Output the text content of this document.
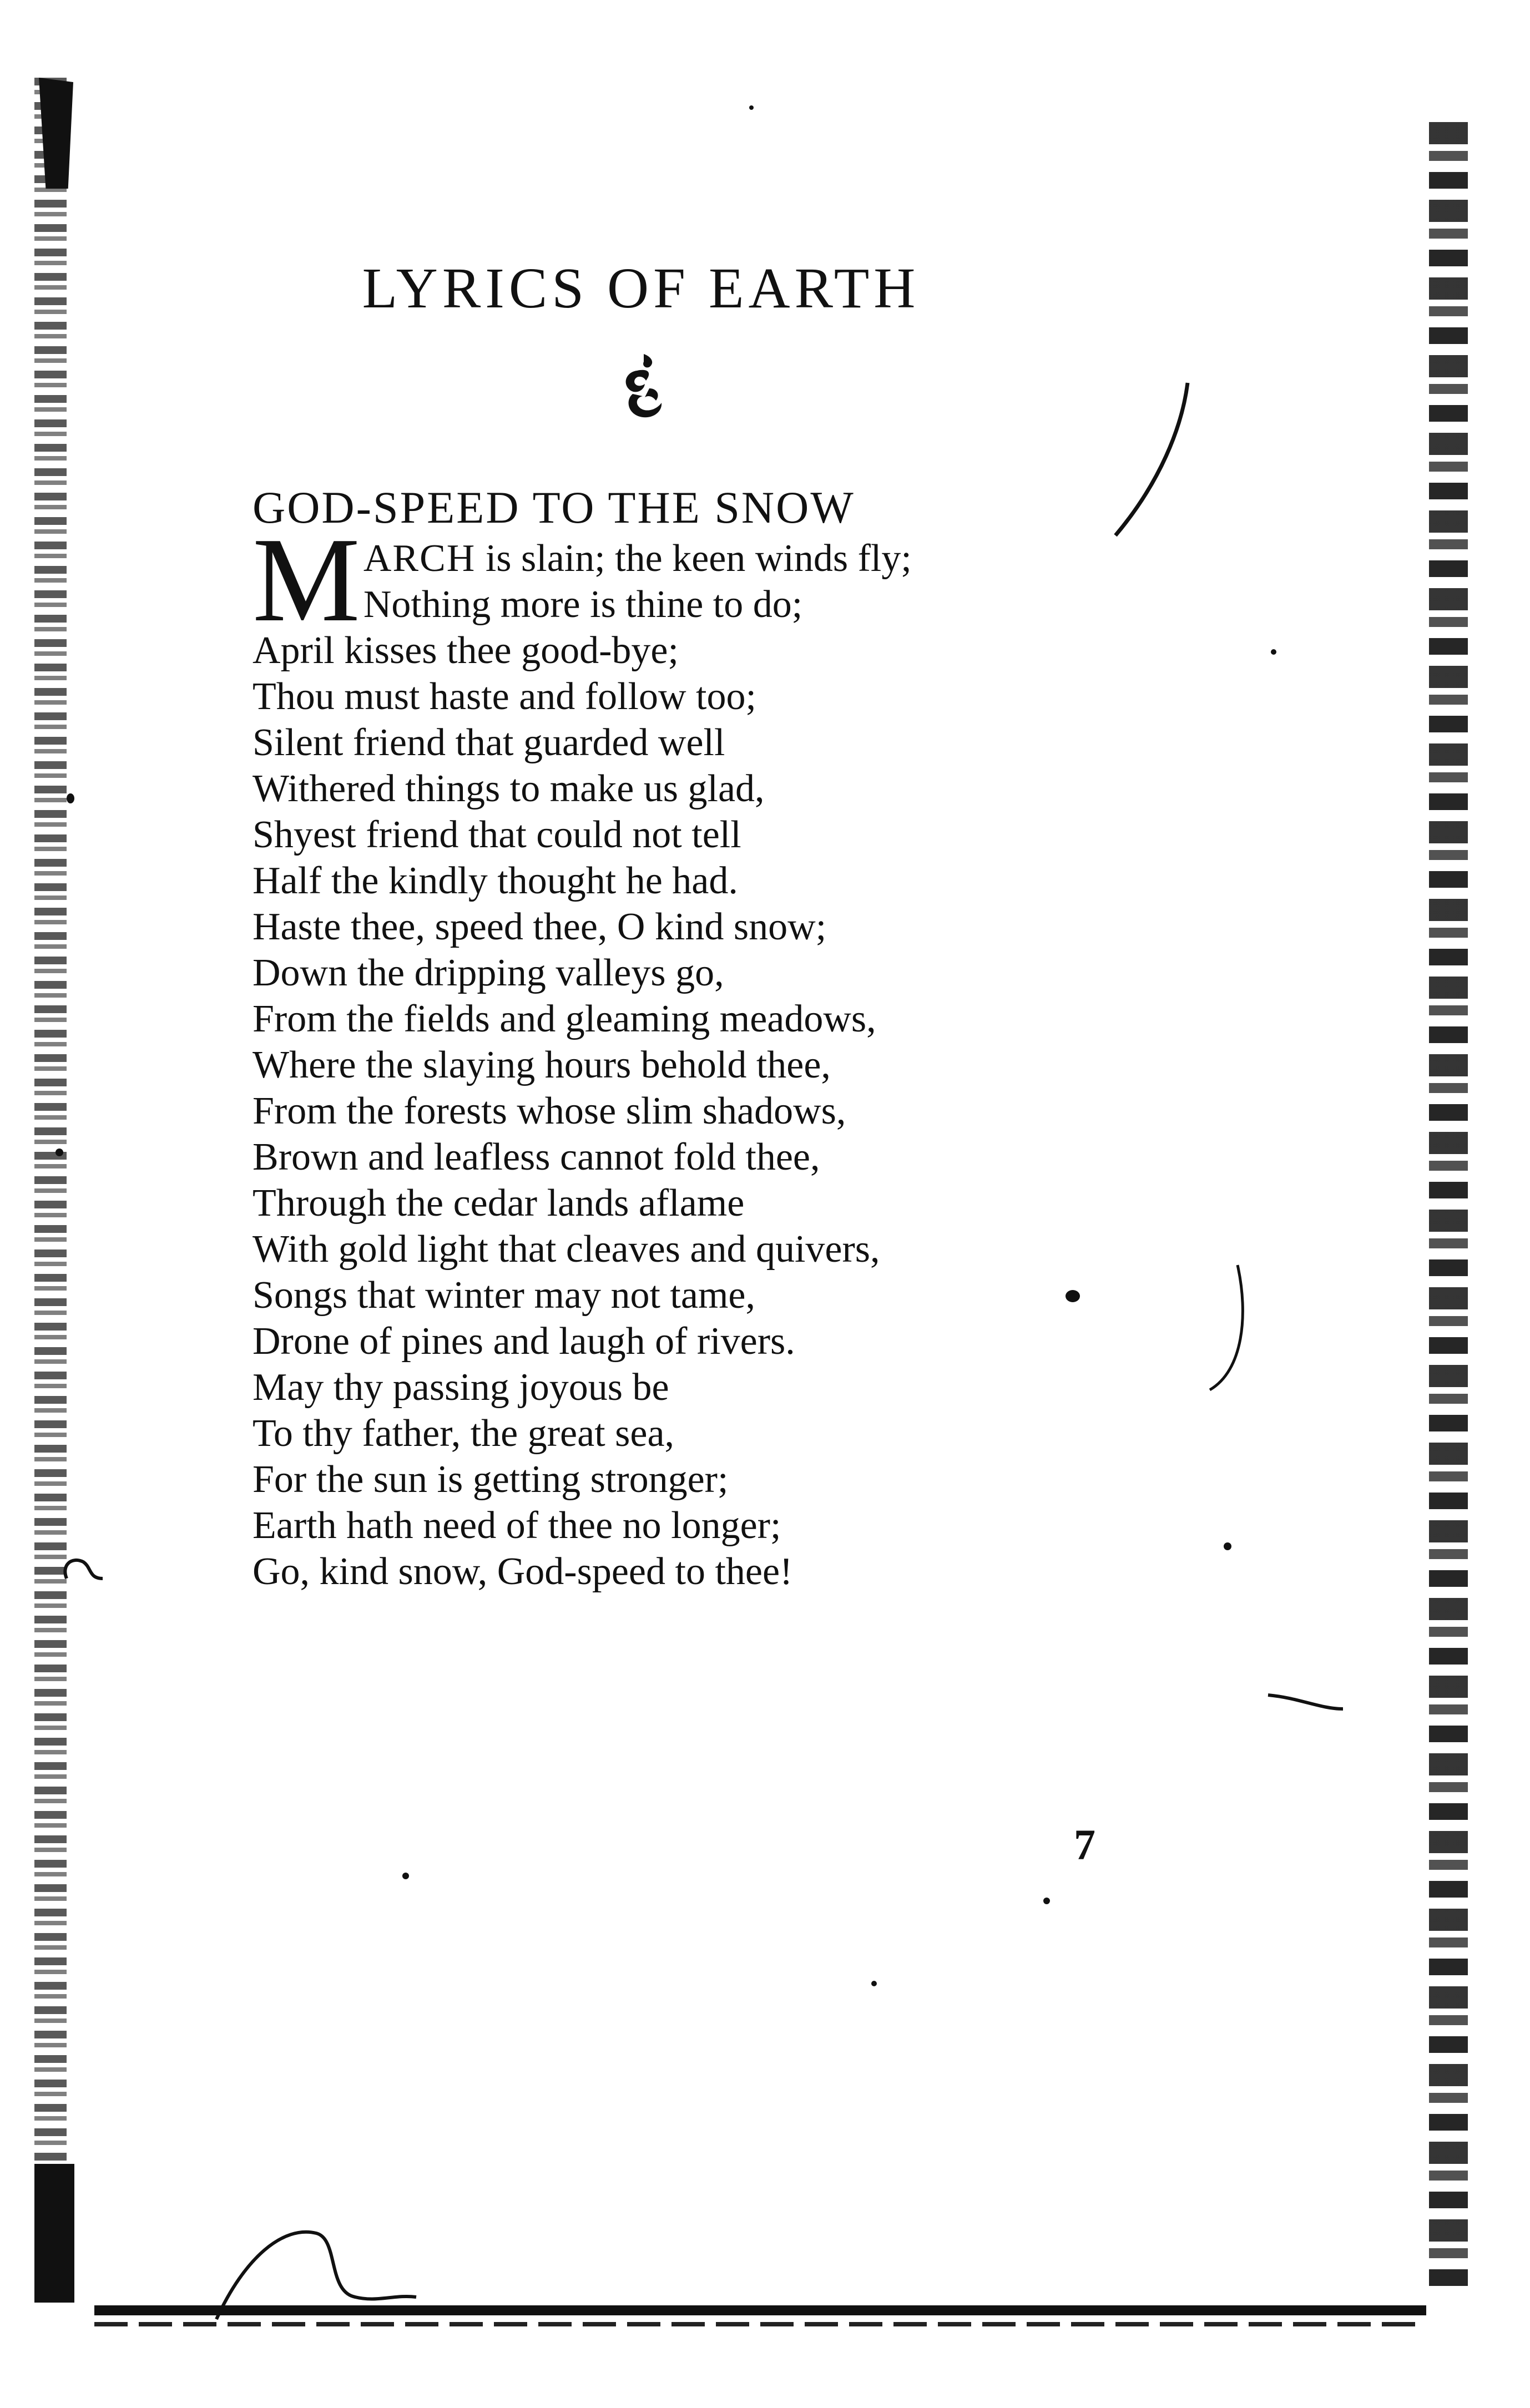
LYRICS OF EARTH
GOD-SPEED TO THE SNOW
M ARCH is slain; the keen winds fly;
Nothing more is thine to do;
April kisses thee good-bye;
Thou must haste and follow too;
Silent friend that guarded well
Withered things to make us glad,
Shyest friend that could not tell
Half the kindly thought he had.
Haste thee, speed thee, O kind snow;
Down the dripping valleys go,
From the fields and gleaming meadows,
Where the slaying hours behold thee,
From the forests whose slim shadows,
Brown and leafless cannot fold thee,
Through the cedar lands aflame
With gold light that cleaves and quivers,
Songs that winter may not tame,
Drone of pines and laugh of rivers.
May thy passing joyous be
To thy father, the great sea,
For the sun is getting stronger;
Earth hath need of thee no longer;
Go, kind snow, God-speed to thee!

7
